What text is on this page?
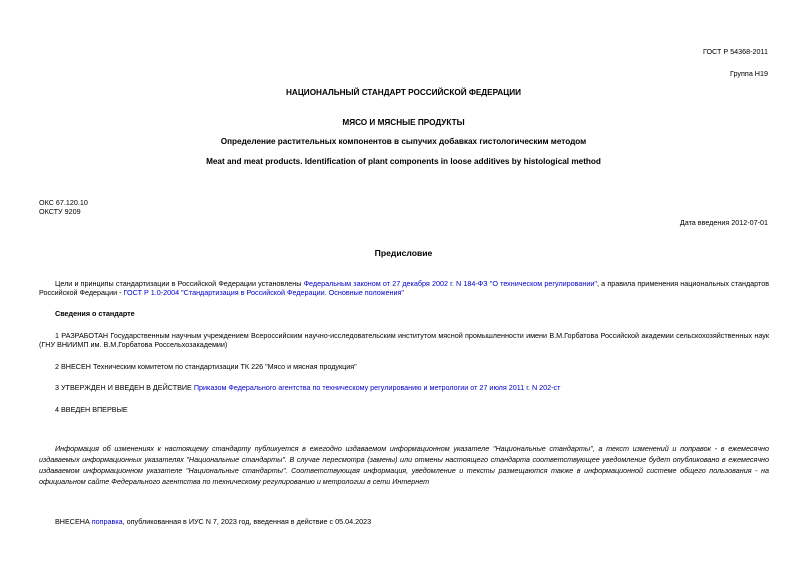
ГОСТ Р 54368-2011
Группа Н19
НАЦИОНАЛЬНЫЙ СТАНДАРТ РОССИЙСКОЙ ФЕДЕРАЦИИ
МЯСО И МЯСНЫЕ ПРОДУКТЫ
Определение растительных компонентов в сыпучих добавках гистологическим методом
Meat and meat products. Identification of plant components in loose additives by histological method
ОКС 67.120.10
ОКСТУ 9209
Дата введения 2012-07-01
Предисловие
Цели и принципы стандартизации в Российской Федерации установлены Федеральным законом от 27 декабря 2002 г. N 184-ФЗ "О техническом регулировании", а правила применения национальных стандартов Российской Федерации - ГОСТ Р 1.0-2004 "Стандартизация в Российской Федерации. Основные положения"
Сведения о стандарте
1 РАЗРАБОТАН Государственным научным учреждением Всероссийским научно-исследовательским институтом мясной промышленности имени В.М.Горбатова Российской академии сельскохозяйственных наук (ГНУ ВНИИМП им. В.М.Горбатова Россельхозакадемии)
2 ВНЕСЕН Техническим комитетом по стандартизации ТК 226 "Мясо и мясная продукция"
3 УТВЕРЖДЕН И ВВЕДЕН В ДЕЙСТВИЕ Приказом Федерального агентства по техническому регулированию и метрологии от 27 июля 2011 г. N 202-ст
4 ВВЕДЕН ВПЕРВЫЕ
Информация об изменениях к настоящему стандарту публикуется в ежегодно издаваемом информационном указателе "Национальные стандарты", а текст изменений и поправок - в ежемесячно издаваемых информационных указателях "Национальные стандарты". В случае пересмотра (замены) или отмены настоящего стандарта соответствующее уведомление будет опубликовано в ежемесячно издаваемом информационном указателе "Национальные стандарты". Соответствующая информация, уведомление и тексты размещаются также в информационной системе общего пользования - на официальном сайте Федерального агентства по техническому регулированию и метрологии в сети Интернет
ВНЕСЕНА поправка, опубликованная в ИУС N 7, 2023 год, введенная в действие с 05.04.2023
